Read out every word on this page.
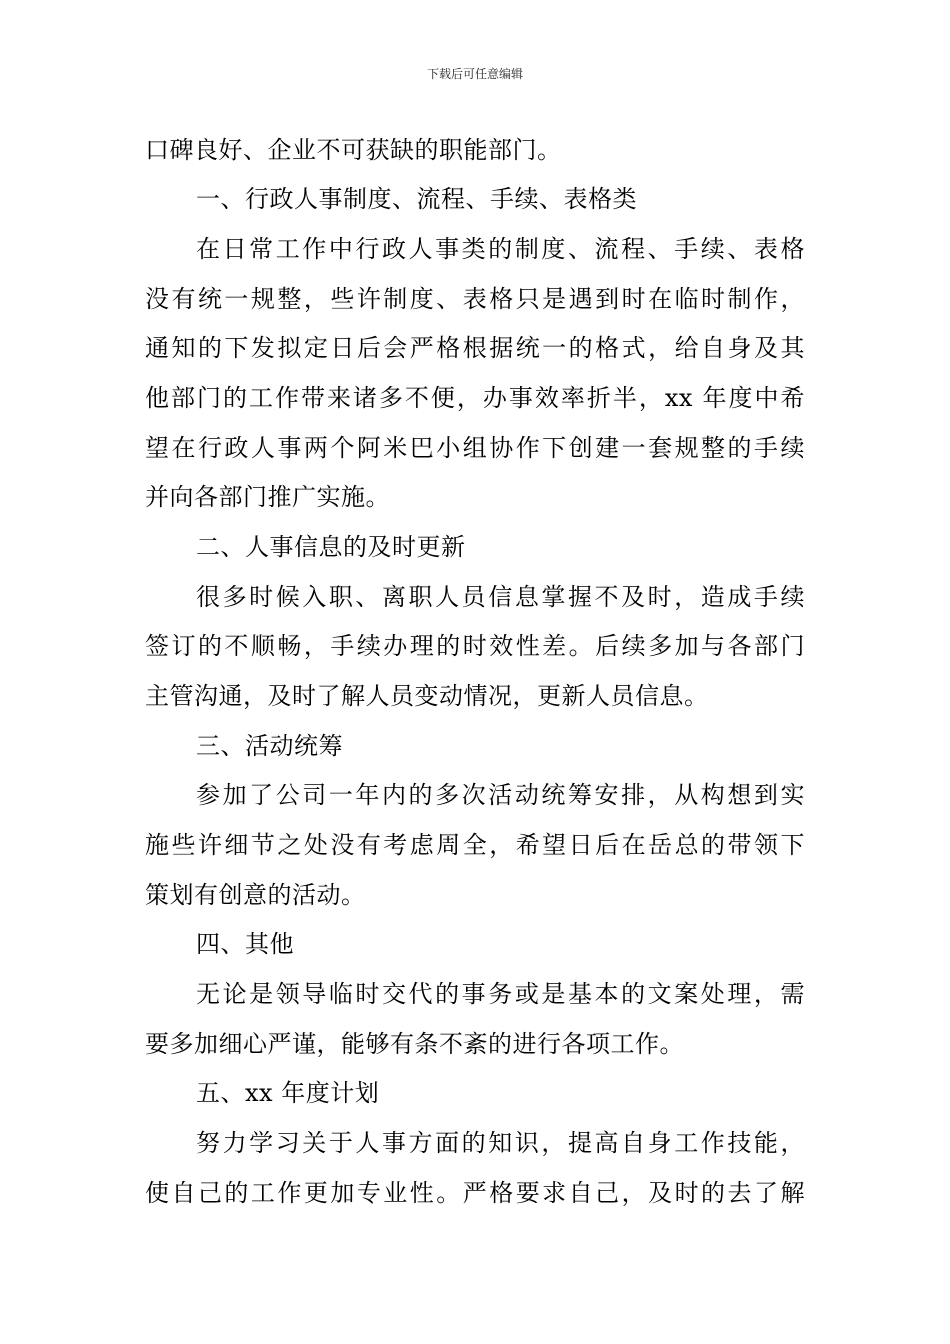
下载后可任意编辑
口碑良好、企业不可获缺的职能部门。
一、行政人事制度、流程、手续、表格类
在日常工作中行政人事类的制度、流程、手续、表格
没有统一规整，些许制度、表格只是遇到时在临时制作，
通知的下发拟定日后会严格根据统一的格式，给自身及其
他部门的工作带来诸多不便，办事效率折半，xx 年度中希
望在行政人事两个阿米巴小组协作下创建一套规整的手续
并向各部门推广实施。
二、人事信息的及时更新
很多时候入职、离职人员信息掌握不及时，造成手续
签订的不顺畅，手续办理的时效性差。后续多加与各部门
主管沟通，及时了解人员变动情况，更新人员信息。
三、活动统筹
参加了公司一年内的多次活动统筹安排，从构想到实
施些许细节之处没有考虑周全，希望日后在岳总的带领下
策划有创意的活动。
四、其他
无论是领导临时交代的事务或是基本的文案处理，需
要多加细心严谨，能够有条不紊的进行各项工作。
五、xx 年度计划
努力学习关于人事方面的知识，提高自身工作技能，
使自己的工作更加专业性。严格要求自己，及时的去了解
